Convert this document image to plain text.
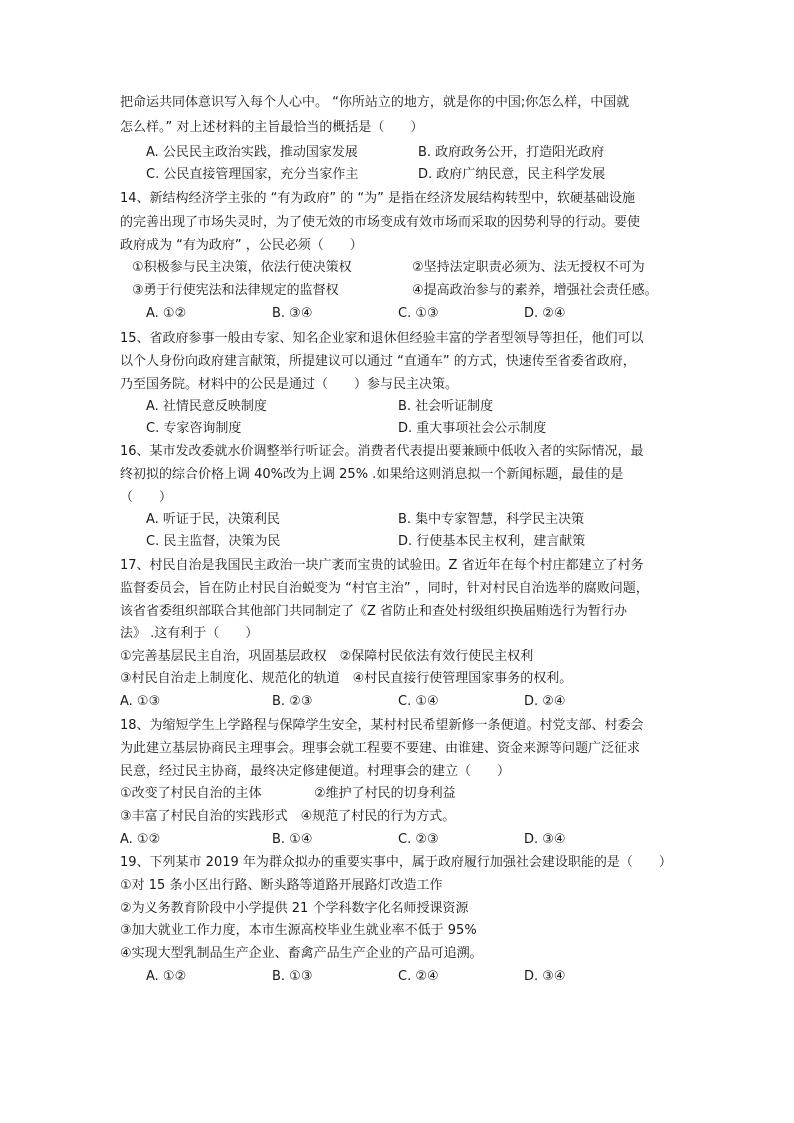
把命运共同体意识写入每个人心中。 “你所站立的地方，就是你的中国;你怎么样，中国就
怎么样。” 对上述材料的主旨最恰当的概括是（　　）
A. 公民民主政治实践，推动国家发展	B. 政府政务公开，打造阳光政府
C. 公民直接管理国家，充分当家作主	D. 政府广纳民意，民主科学发展
14、新结构经济学主张的 “有为政府” 的 “为” 是指在经济发展结构转型中，软硬基础设施
的完善出现了市场失灵时，为了使无效的市场变成有效市场而采取的因势利导的行动。要使
政府成为 “有为政府” ，公民必须（　　）
①积极参与民主决策，依法行使决策权	②坚持法定职责必须为、法无授权不可为
③勇于行使宪法和法律规定的监督权	④提高政治参与的素养，增强社会责任感。
A. ①②	B. ③④	C. ①③	D. ②④
15、省政府参事一般由专家、知名企业家和退休但经验丰富的学者型领导等担任，他们可以
以个人身份向政府建言献策，所提建议可以通过 “直通车” 的方式，快速传至省委省政府，
乃至国务院。材料中的公民是通过（　　）参与民主决策。
A. 社情民意反映制度	B. 社会听证制度
C. 专家咨询制度	D. 重大事项社会公示制度
16、某市发改委就水价调整举行听证会。消费者代表提出要兼顾中低收入者的实际情况，最
终初拟的综合价格上调 40%改为上调 25% .如果给这则消息拟一个新闻标题，最佳的是
（　　）
A. 听证于民，决策利民	B. 集中专家智慧，科学民主决策
C. 民主监督，决策为民	D. 行使基本民主权利，建言献策
17、村民自治是我国民主政治一块广袤而宝贵的试验田。Z 省近年在每个村庄都建立了村务
监督委员会，旨在防止村民自治蜕变为 “村官主治” ，同时，针对村民自治选举的腐败问题，
该省省委组织部联合其他部门共同制定了《Z 省防止和查处村级组织换届贿选行为暂行办
法》 .这有利于（　　）
①完善基层民主自治，巩固基层政权　②保障村民依法有效行使民主权利
③村民自治走上制度化、规范化的轨道　④村民直接行使管理国家事务的权利。
A. ①③	B. ②③	C. ①④	D. ②④
18、为缩短学生上学路程与保障学生安全，某村村民希望新修一条便道。村党支部、村委会
为此建立基层协商民主理事会。理事会就工程要不要建、由谁建、资金来源等问题广泛征求
民意，经过民主协商，最终决定修建便道。村理事会的建立（　　）
①改变了村民自治的主体	②维护了村民的切身利益
③丰富了村民自治的实践形式　④规范了村民的行为方式。
A. ①②	B. ①④	C. ②③	D. ③④
19、下列某市 2019 年为群众拟办的重要实事中，属于政府履行加强社会建设职能的是（　　）
①对 15 条小区出行路、断头路等道路开展路灯改造工作
②为义务教育阶段中小学提供 21 个学科数字化名师授课资源
③加大就业工作力度，本市生源高校毕业生就业率不低于 95%
④实现大型乳制品生产企业、畜禽产品生产企业的产品可追溯。
A. ①②	B. ①③	C. ②④	D. ③④
